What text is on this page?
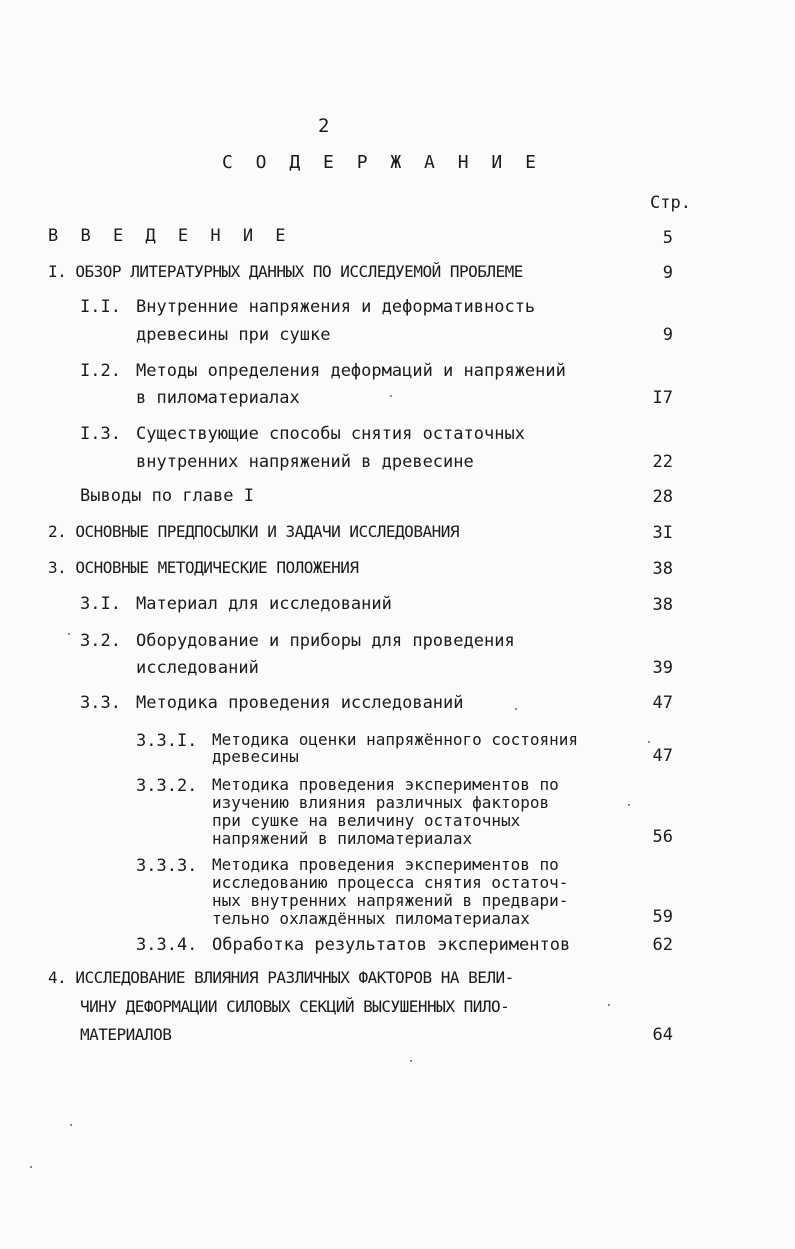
2
С О Д Е Р Ж А Н И Е
Стр.
В В Е Д Е Н И Е	5
I. ОБЗОР ЛИТЕРАТУРНЫХ ДАННЫХ ПО ИССЛЕДУЕМОЙ ПРОБЛЕМЕ	9
I.I. Внутренние напряжения и деформативность
древесины при сушке	9
I.2. Методы определения деформаций и напряжений
в пиломатериалах	I7
I.3. Существующие способы снятия остаточных
внутренних напряжений в древесине	22
Выводы по главе I	28
2. ОСНОВНЫЕ ПРЕДПОСЫЛКИ И ЗАДАЧИ ИССЛЕДОВАНИЯ	3I
3. ОСНОВНЫЕ МЕТОДИЧЕСКИЕ ПОЛОЖЕНИЯ	38
3.I. Материал для исследований	38
3.2. Оборудование и приборы для проведения
исследований	39
3.3. Методика проведения исследований	47
3.3.I. Методика оценки напряжённого состояния
древесины	47
3.3.2. Методика проведения экспериментов по
изучению влияния различных факторов
при сушке на величину остаточных
напряжений в пиломатериалах	56
3.3.3. Методика проведения экспериментов по
исследованию процесса снятия остаточ-
ных внутренних напряжений в предвари-
тельно охлаждённых пиломатериалах	59
3.3.4. Обработка результатов экспериментов	62
4. ИССЛЕДОВАНИЕ ВЛИЯНИЯ РАЗЛИЧНЫХ ФАКТОРОВ НА ВЕЛИ-
ЧИНУ ДЕФОРМАЦИИ СИЛОВЫХ СЕКЦИЙ ВЫСУШЕННЫХ ПИЛО-
МАТЕРИАЛОВ	64
